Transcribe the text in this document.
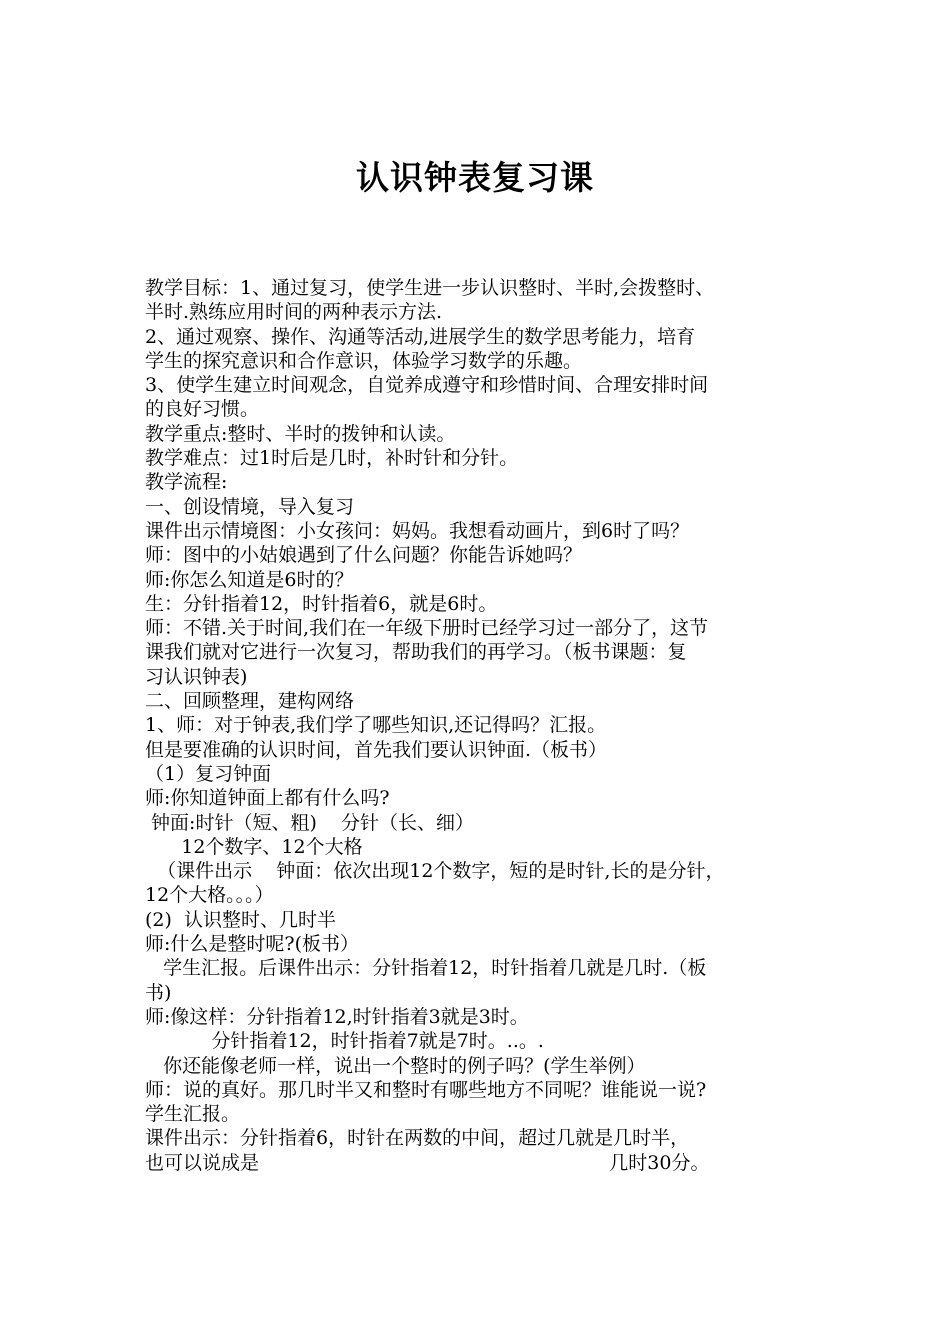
认识钟表复习课

教学目标：1、通过复习，使学生进一步认识整时、半时,会拨整时、

半时.熟练应用时间的两种表示方法.

2、通过观察、操作、沟通等活动,进展学生的数学思考能力，培育

学生的探究意识和合作意识，体验学习数学的乐趣。

3、使学生建立时间观念，自觉养成遵守和珍惜时间、合理安排时间

的良好习惯。

教学重点:整时、半时的拨钟和认读。

教学难点：过1时后是几时，补时针和分针。

教学流程:

一、创设情境，导入复习

课件出示情境图：小女孩问：妈妈。我想看动画片，到6时了吗？

师：图中的小姑娘遇到了什么问题？你能告诉她吗？

师:你怎么知道是6时的？

生：分针指着12，时针指着6，就是6时。

师：不错.关于时间,我们在一年级下册时已经学习过一部分了，这节

课我们就对它进行一次复习，帮助我们的再学习。（板书课题：复

习认识钟表)

二、回顾整理，建构网络

1、师：对于钟表,我们学了哪些知识,还记得吗？汇报。

但是要准确的认识时间，首先我们要认识钟面.（板书）

（1）复习钟面

师:你知道钟面上都有什么吗?

钟面:时针（短、粗)    分针（长、细）

12个数字、12个大格

（课件出示    钟面：依次出现12个数字，短的是时针,长的是分针，

12个大格。。。）

(2)  认识整时、几时半

师:什么是整时呢?(板书）

学生汇报。后课件出示：分针指着12，时针指着几就是几时.（板

书)

师:像这样：分针指着12,时针指着3就是3时。

分针指着12，时针指着7就是7时。..。.

你还能像老师一样，说出一个整时的例子吗？(学生举例）

师：说的真好。那几时半又和整时有哪些地方不同呢？谁能说一说?

学生汇报。

课件出示：分针指着6，时针在两数的中间，超过几就是几时半，

也可以说成是                                                          几时30分。
